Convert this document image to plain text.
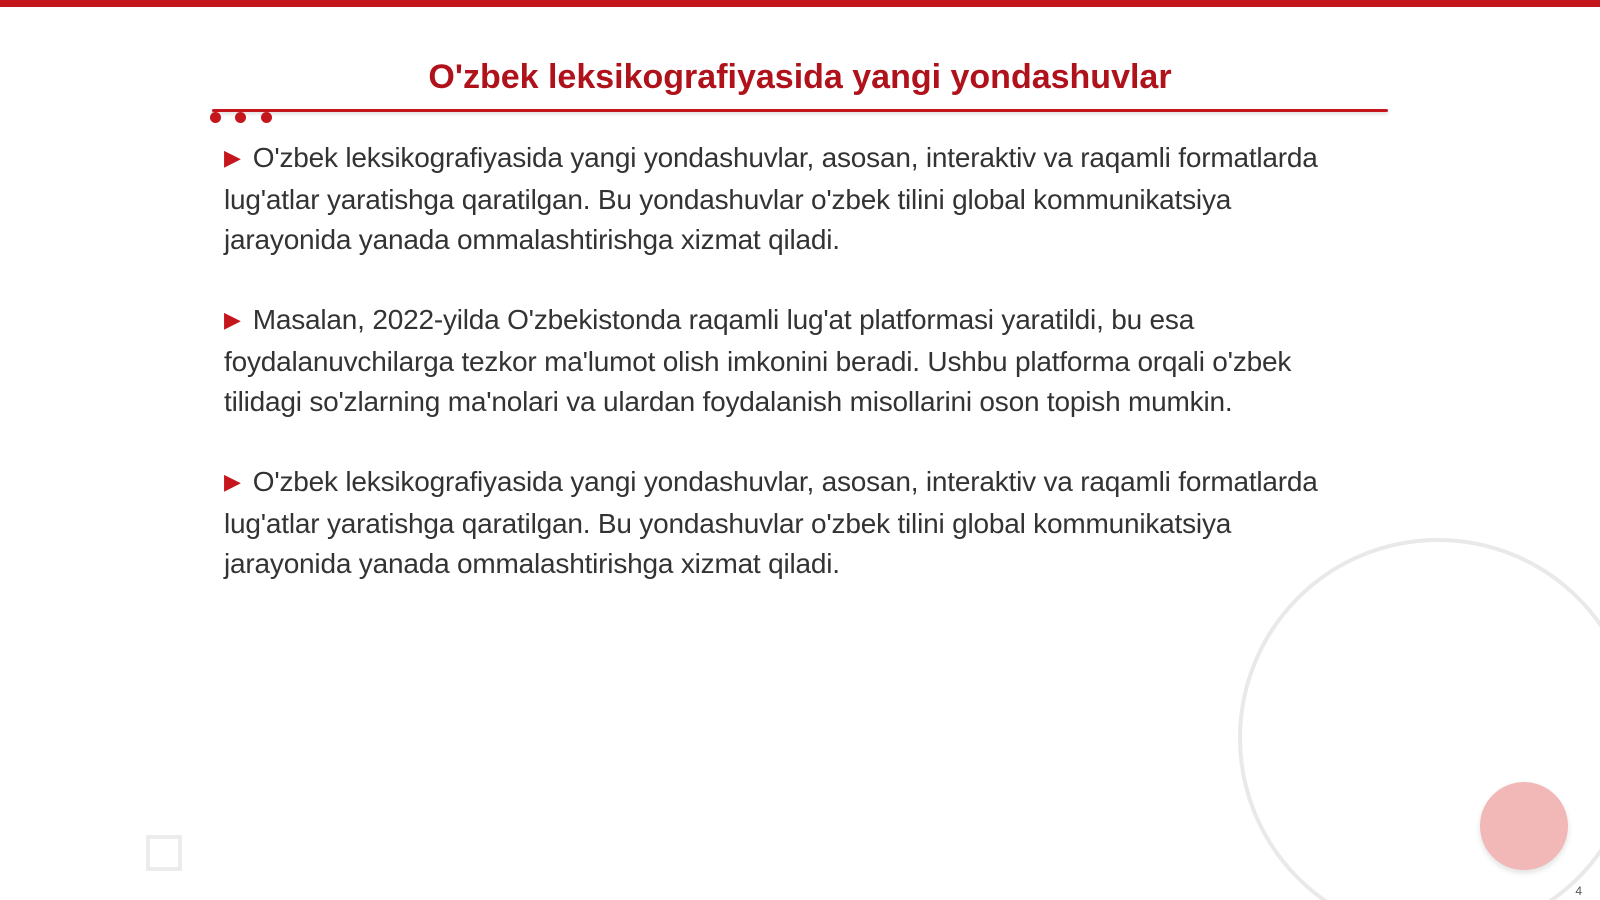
O'zbek leksikografiyasida yangi yondashuvlar

▶ O'zbek leksikografiyasida yangi yondashuvlar, asosan, interaktiv va raqamli formatlarda lug'atlar yaratishga qaratilgan. Bu yondashuvlar o'zbek tilini global kommunikatsiya jarayonida yanada ommalashtirishga xizmat qiladi.

▶ Masalan, 2022-yilda O'zbekistonda raqamli lug'at platformasi yaratildi, bu esa foydalanuvchilarga tezkor ma'lumot olish imkonini beradi. Ushbu platforma orqali o'zbek tilidagi so'zlarning ma'nolari va ulardan foydalanish misollarini oson topish mumkin.

▶ O'zbek leksikografiyasida yangi yondashuvlar, asosan, interaktiv va raqamli formatlarda lug'atlar yaratishga qaratilgan. Bu yondashuvlar o'zbek tilini global kommunikatsiya jarayonida yanada ommalashtirishga xizmat qiladi.

4
